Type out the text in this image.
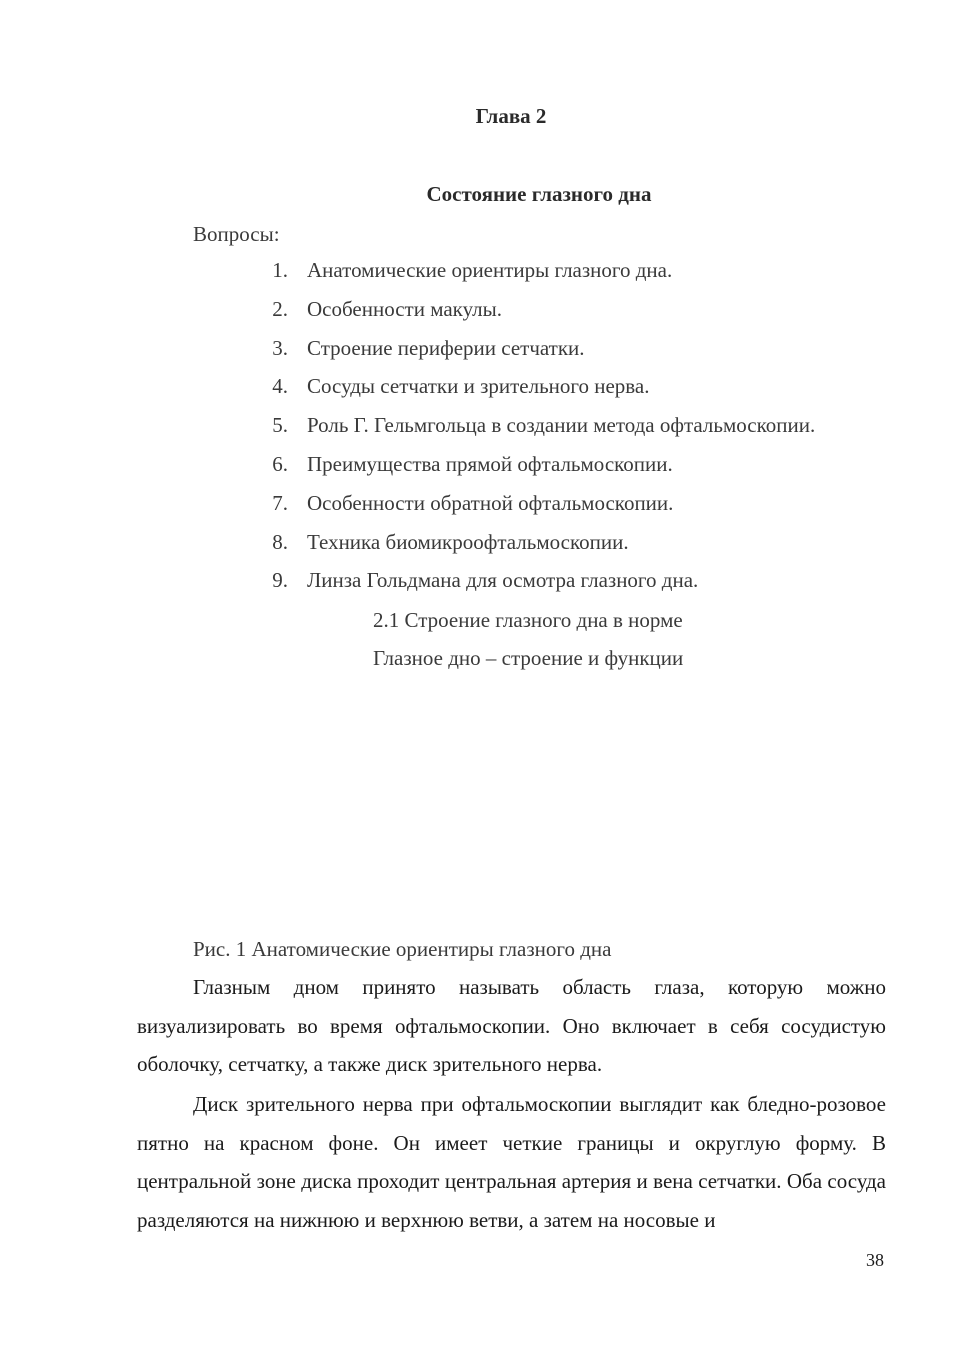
Глава 2
Состояние глазного дна
Вопросы:
1. Анатомические ориентиры глазного дна.
2. Особенности макулы.
3. Строение периферии сетчатки.
4. Сосуды сетчатки и зрительного нерва.
5. Роль Г. Гельмгольца в создании метода офтальмоскопии.
6. Преимущества прямой офтальмоскопии.
7. Особенности обратной офтальмоскопии.
8. Техника биомикроофтальмоскопии.
9. Линза Гольдмана для осмотра глазного дна.
2.1 Строение глазного дна в норме
Глазное дно – строение и функции
Рис. 1 Анатомические ориентиры глазного дна

Глазным дном принято называть область глаза, которую можно визуализировать во время офтальмоскопии. Оно включает в себя сосудистую оболочку, сетчатку, а также диск зрительного нерва.

Диск зрительного нерва при офтальмоскопии выглядит как бледно-розовое пятно на красном фоне. Он имеет четкие границы и округлую форму. В центральной зоне диска проходит центральная артерия и вена сетчатки. Оба сосуда разделяются на нижнюю и верхнюю ветви, а затем на носовые и

38
